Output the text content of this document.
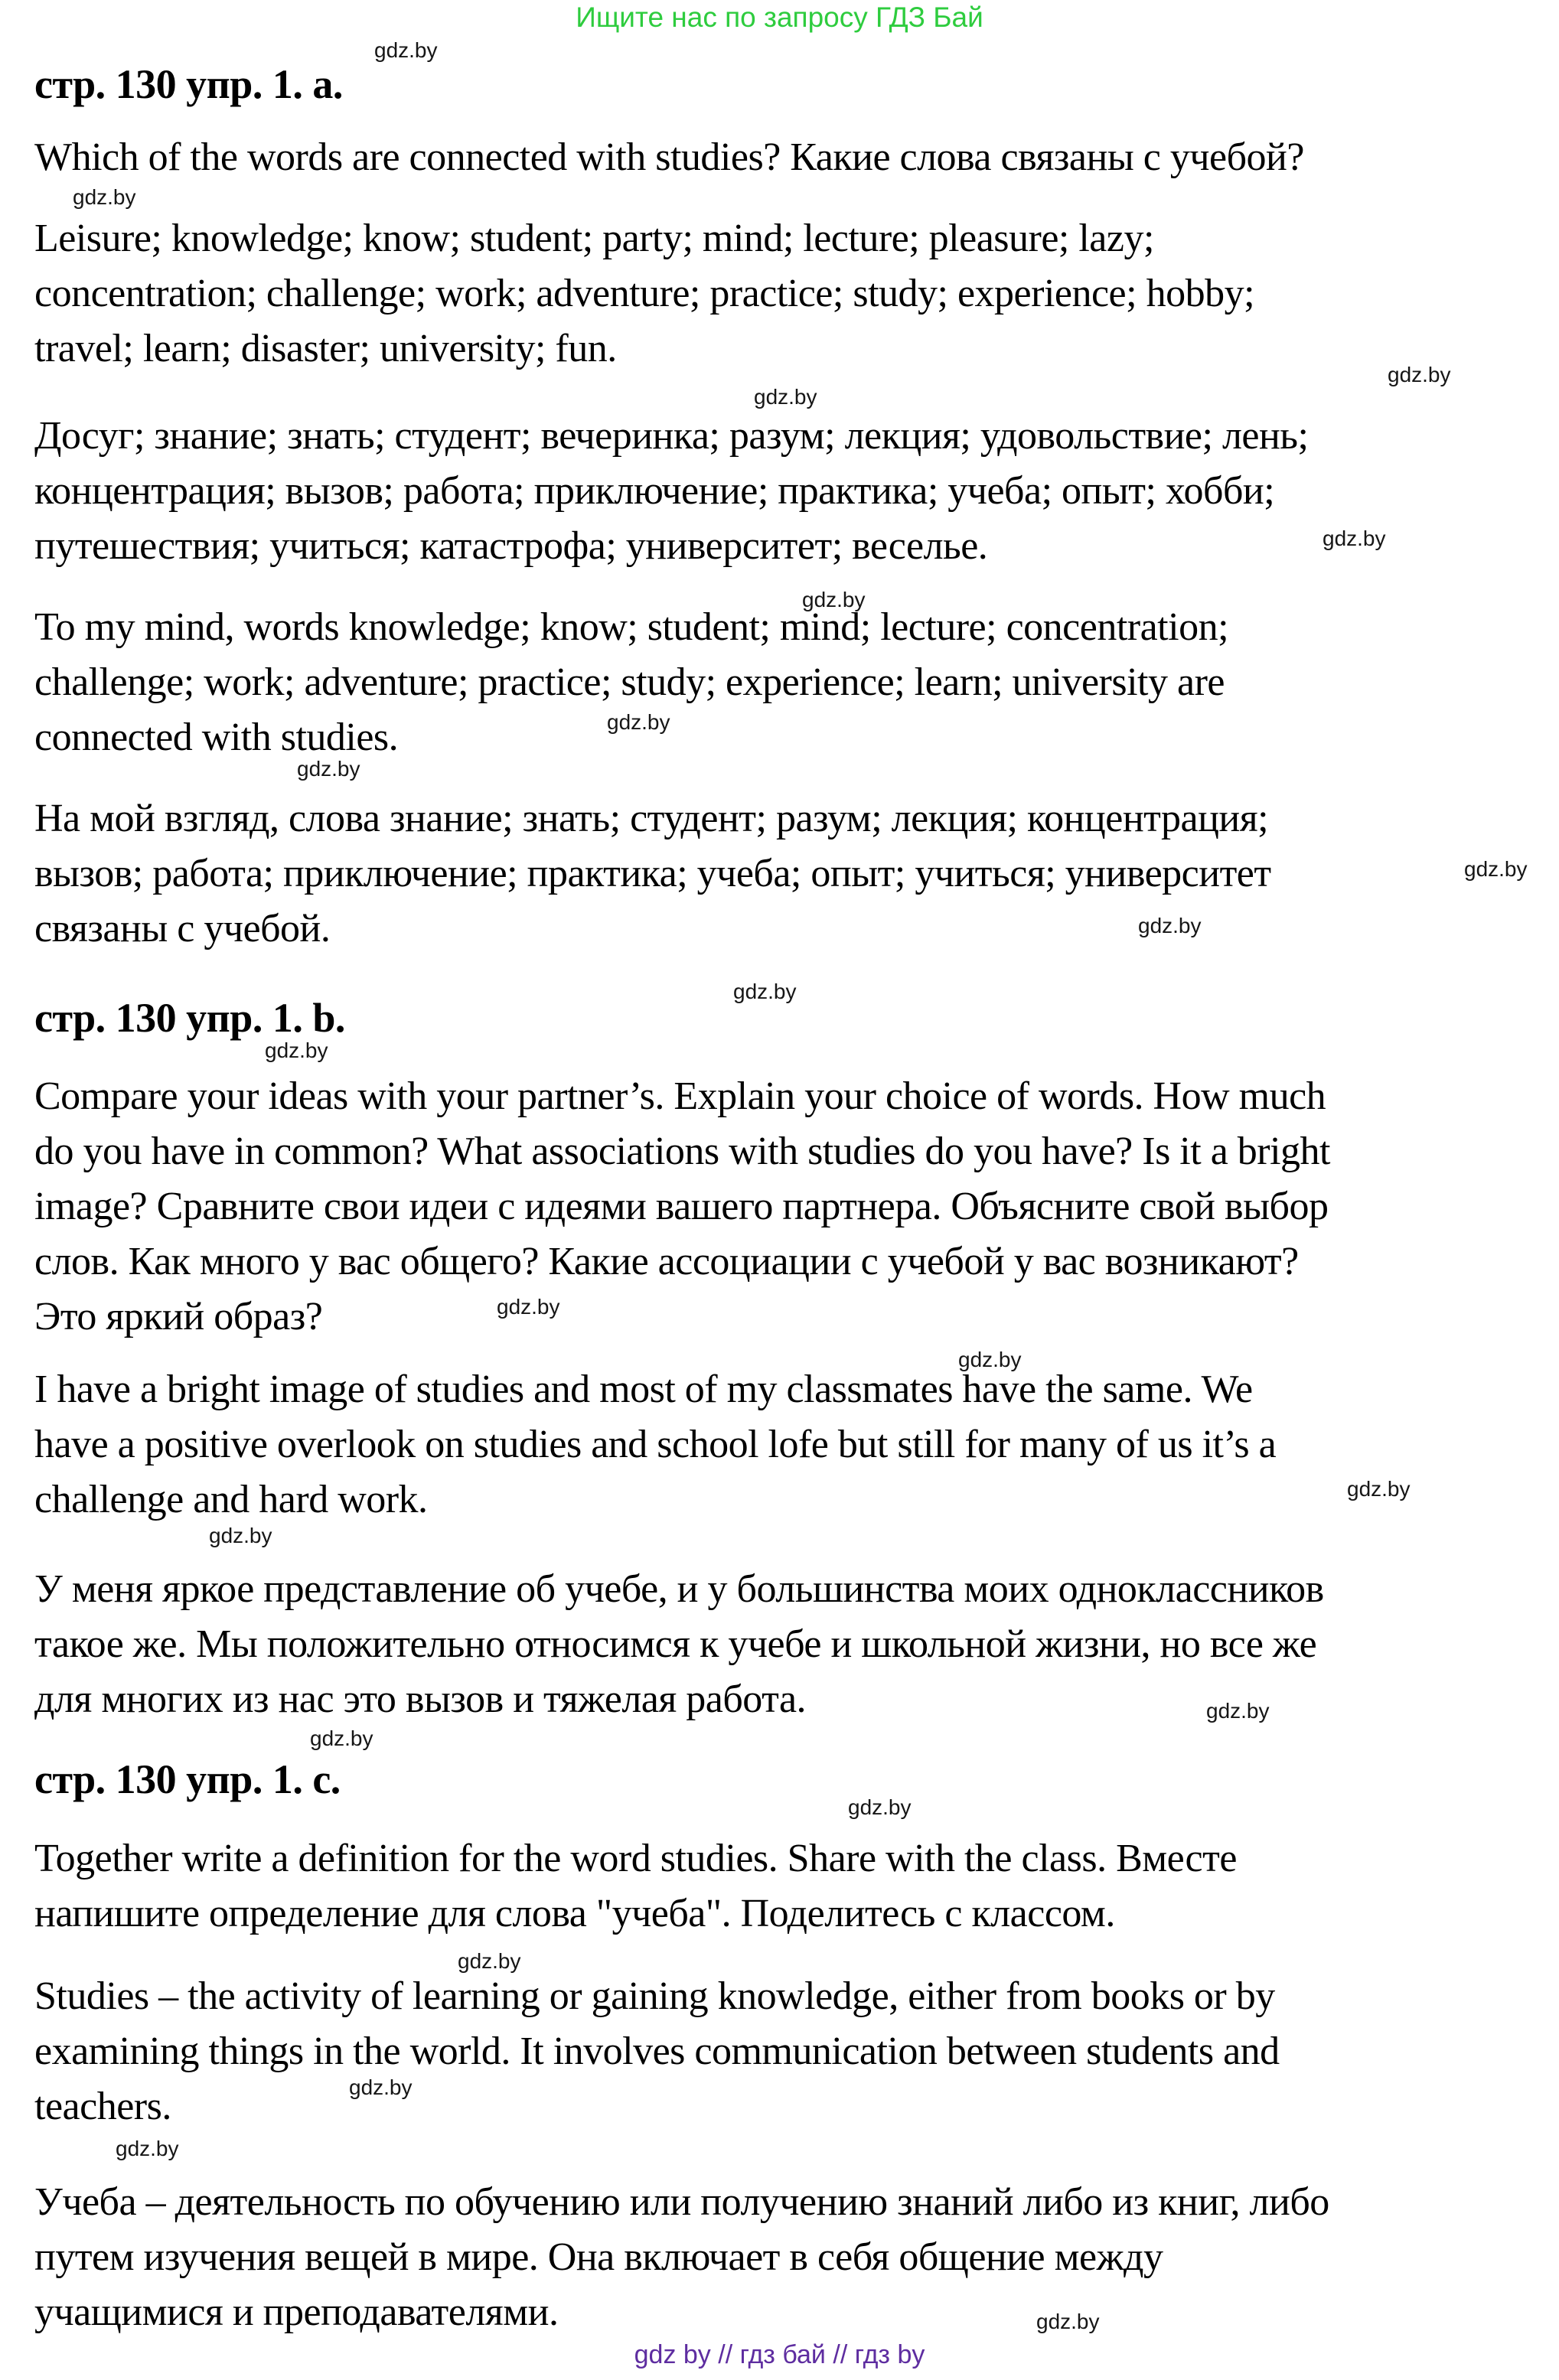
Ищите нас по запросу ГДЗ Бай
стр. 130 упр. 1. а.
Which of the words are connected with studies? Какие слова связаны с учебой?
Leisure; knowledge; know; student; party; mind; lecture; pleasure; lazy;
concentration; challenge; work; adventure; practice; study; experience; hobby;
travel; learn; disaster; university; fun.
Досуг; знание; знать; студент; вечеринка; разум; лекция; удовольствие; лень;
концентрация; вызов; работа; приключение; практика; учеба; опыт; хобби;
путешествия; учиться; катастрофа; университет; веселье.
To my mind, words knowledge; know; student; mind; lecture; concentration;
challenge; work; adventure; practice; study; experience; learn; university are
connected with studies.
На мой взгляд, слова знание; знать; студент; разум; лекция; концентрация;
вызов; работа; приключение; практика; учеба; опыт; учиться; университет
связаны с учебой.
стр. 130 упр. 1. b.
Compare your ideas with your partner’s. Explain your choice of words. How much
do you have in common? What associations with studies do you have? Is it a bright
image? Сравните свои идеи с идеями вашего партнера. Объясните свой выбор
слов. Как много у вас общего? Какие ассоциации с учебой у вас возникают?
Это яркий образ?
I have a bright image of studies and most of my classmates have the same. We
have a positive overlook on studies and school lofe but still for many of us it’s a
challenge and hard work.
У меня яркое представление об учебе, и у большинства моих одноклассников
такое же. Мы положительно относимся к учебе и школьной жизни, но все же
для многих из нас это вызов и тяжелая работа.
стр. 130 упр. 1. с.
Together write a definition for the word studies. Share with the class. Вместе
напишите определение для слова "учеба". Поделитесь с классом.
Studies – the activity of learning or gaining knowledge, either from books or by
examining things in the world. It involves communication between students and
teachers.
Учеба – деятельность по обучению или получению знаний либо из книг, либо
путем изучения вещей в мире. Она включает в себя общение между
учащимися и преподавателями.
gdz by // гдз бай // гдз by
gdz.by
gdz.by
gdz.by
gdz.by
gdz.by
gdz.by
gdz.by
gdz.by
gdz.by
gdz.by
gdz.by
gdz.by
gdz.by
gdz.by
gdz.by
gdz.by
gdz.by
gdz.by
gdz.by
gdz.by
gdz.by
gdz.by
gdz.by
